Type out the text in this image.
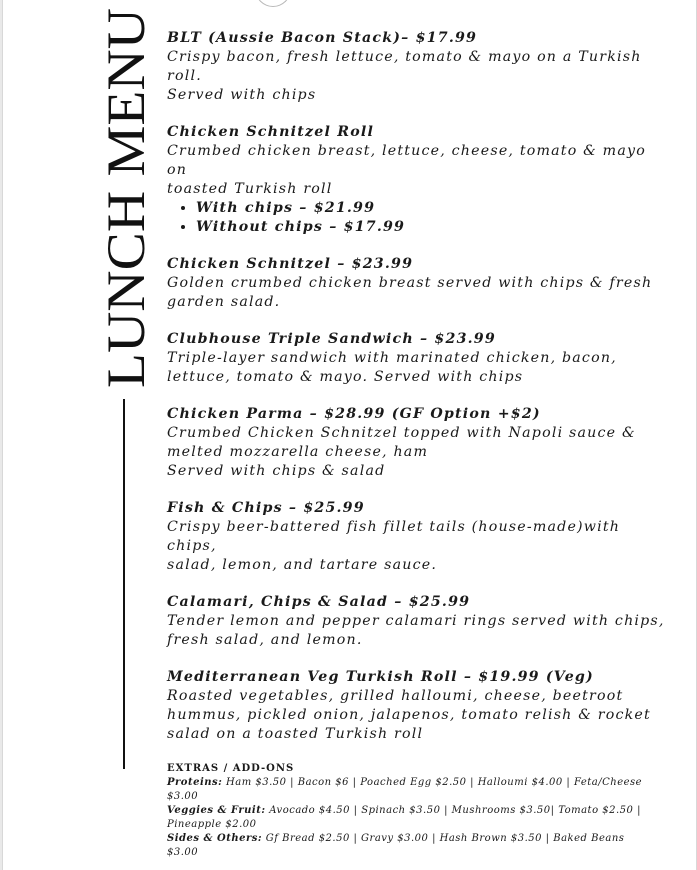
LUNCH MENU BLT (Aussie Bacon Stack)– $17.99
Crispy bacon, fresh lettuce, tomato & mayo on a Turkish roll.
Served with chips
Chicken Schnitzel Roll
Crumbed chicken breast, lettuce, cheese, tomato & mayo on
toasted Turkish roll
• With chips – $21.99
• Without chips – $17.99
Chicken Schnitzel – $23.99
Golden crumbed chicken breast served with chips & fresh
garden salad.
Clubhouse Triple Sandwich – $23.99
Triple-layer sandwich with marinated chicken, bacon,
lettuce, tomato & mayo. Served with chips
Chicken Parma – $28.99 (GF Option +$2)
Crumbed Chicken Schnitzel topped with Napoli sauce &
melted mozzarella cheese, ham
Served with chips & salad
Fish & Chips – $25.99
Crispy beer-battered fish fillet tails (house-made)with chips,
salad, lemon, and tartare sauce.
Calamari, Chips & Salad – $25.99
Tender lemon and pepper calamari rings served with chips,
fresh salad, and lemon.
Mediterranean Veg Turkish Roll – $19.99 (Veg)
Roasted vegetables, grilled halloumi, cheese, beetroot
hummus, pickled onion, jalapenos, tomato relish & rocket
salad on a toasted Turkish roll
EXTRAS / ADD-ONS
Proteins: Ham $3.50 | Bacon $6 | Poached Egg $2.50 | Halloumi $4.00 | Feta/Cheese $3.00
Veggies & Fruit: Avocado $4.50 | Spinach $3.50 | Mushrooms $3.50| Tomato $2.50 | Pineapple $2.00
Sides & Others: Gf Bread $2.50 | Gravy $3.00 | Hash Brown $3.50 | Baked Beans $3.00
